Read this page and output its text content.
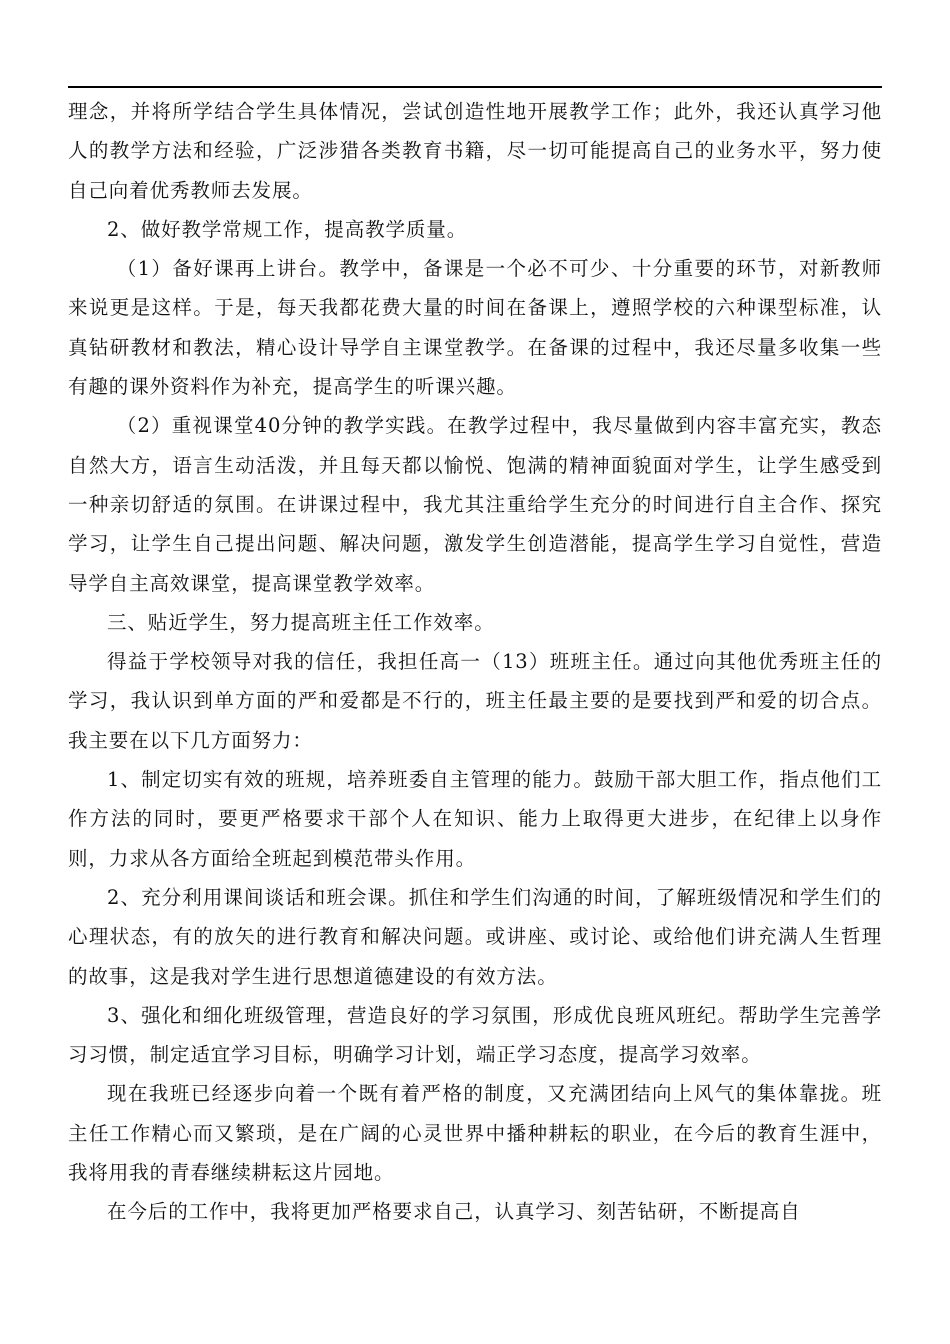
理念，并将所学结合学生具体情况，尝试创造性地开展教学工作；此外，我还认真学习他人的教学方法和经验，广泛涉猎各类教育书籍，尽一切可能提高自己的业务水平，努力使自己向着优秀教师去发展。

2、做好教学常规工作，提高教学质量。

（1）备好课再上讲台。教学中，备课是一个必不可少、十分重要的环节，对新教师来说更是这样。于是，每天我都花费大量的时间在备课上，遵照学校的六种课型标准，认真钻研教材和教法，精心设计导学自主课堂教学。在备课的过程中，我还尽量多收集一些有趣的课外资料作为补充，提高学生的听课兴趣。

（2）重视课堂40分钟的教学实践。在教学过程中，我尽量做到内容丰富充实，教态自然大方，语言生动活泼，并且每天都以愉悦、饱满的精神面貌面对学生，让学生感受到一种亲切舒适的氛围。在讲课过程中，我尤其注重给学生充分的时间进行自主合作、探究学习，让学生自己提出问题、解决问题，激发学生创造潜能，提高学生学习自觉性，营造导学自主高效课堂，提高课堂教学效率。

三、贴近学生，努力提高班主任工作效率。

得益于学校领导对我的信任，我担任高一（13）班班主任。通过向其他优秀班主任的学习，我认识到单方面的严和爱都是不行的，班主任最主要的是要找到严和爱的切合点。我主要在以下几方面努力：

1、制定切实有效的班规，培养班委自主管理的能力。鼓励干部大胆工作，指点他们工作方法的同时，要更严格要求干部个人在知识、能力上取得更大进步，在纪律上以身作则，力求从各方面给全班起到模范带头作用。

2、充分利用课间谈话和班会课。抓住和学生们沟通的时间，了解班级情况和学生们的心理状态，有的放矢的进行教育和解决问题。或讲座、或讨论、或给他们讲充满人生哲理的故事，这是我对学生进行思想道德建设的有效方法。

3、强化和细化班级管理，营造良好的学习氛围，形成优良班风班纪。帮助学生完善学习习惯，制定适宜学习目标，明确学习计划，端正学习态度，提高学习效率。

现在我班已经逐步向着一个既有着严格的制度，又充满团结向上风气的集体靠拢。班主任工作精心而又繁琐，是在广阔的心灵世界中播种耕耘的职业，在今后的教育生涯中，我将用我的青春继续耕耘这片园地。

在今后的工作中，我将更加严格要求自己，认真学习、刻苦钻研，不断提高自
